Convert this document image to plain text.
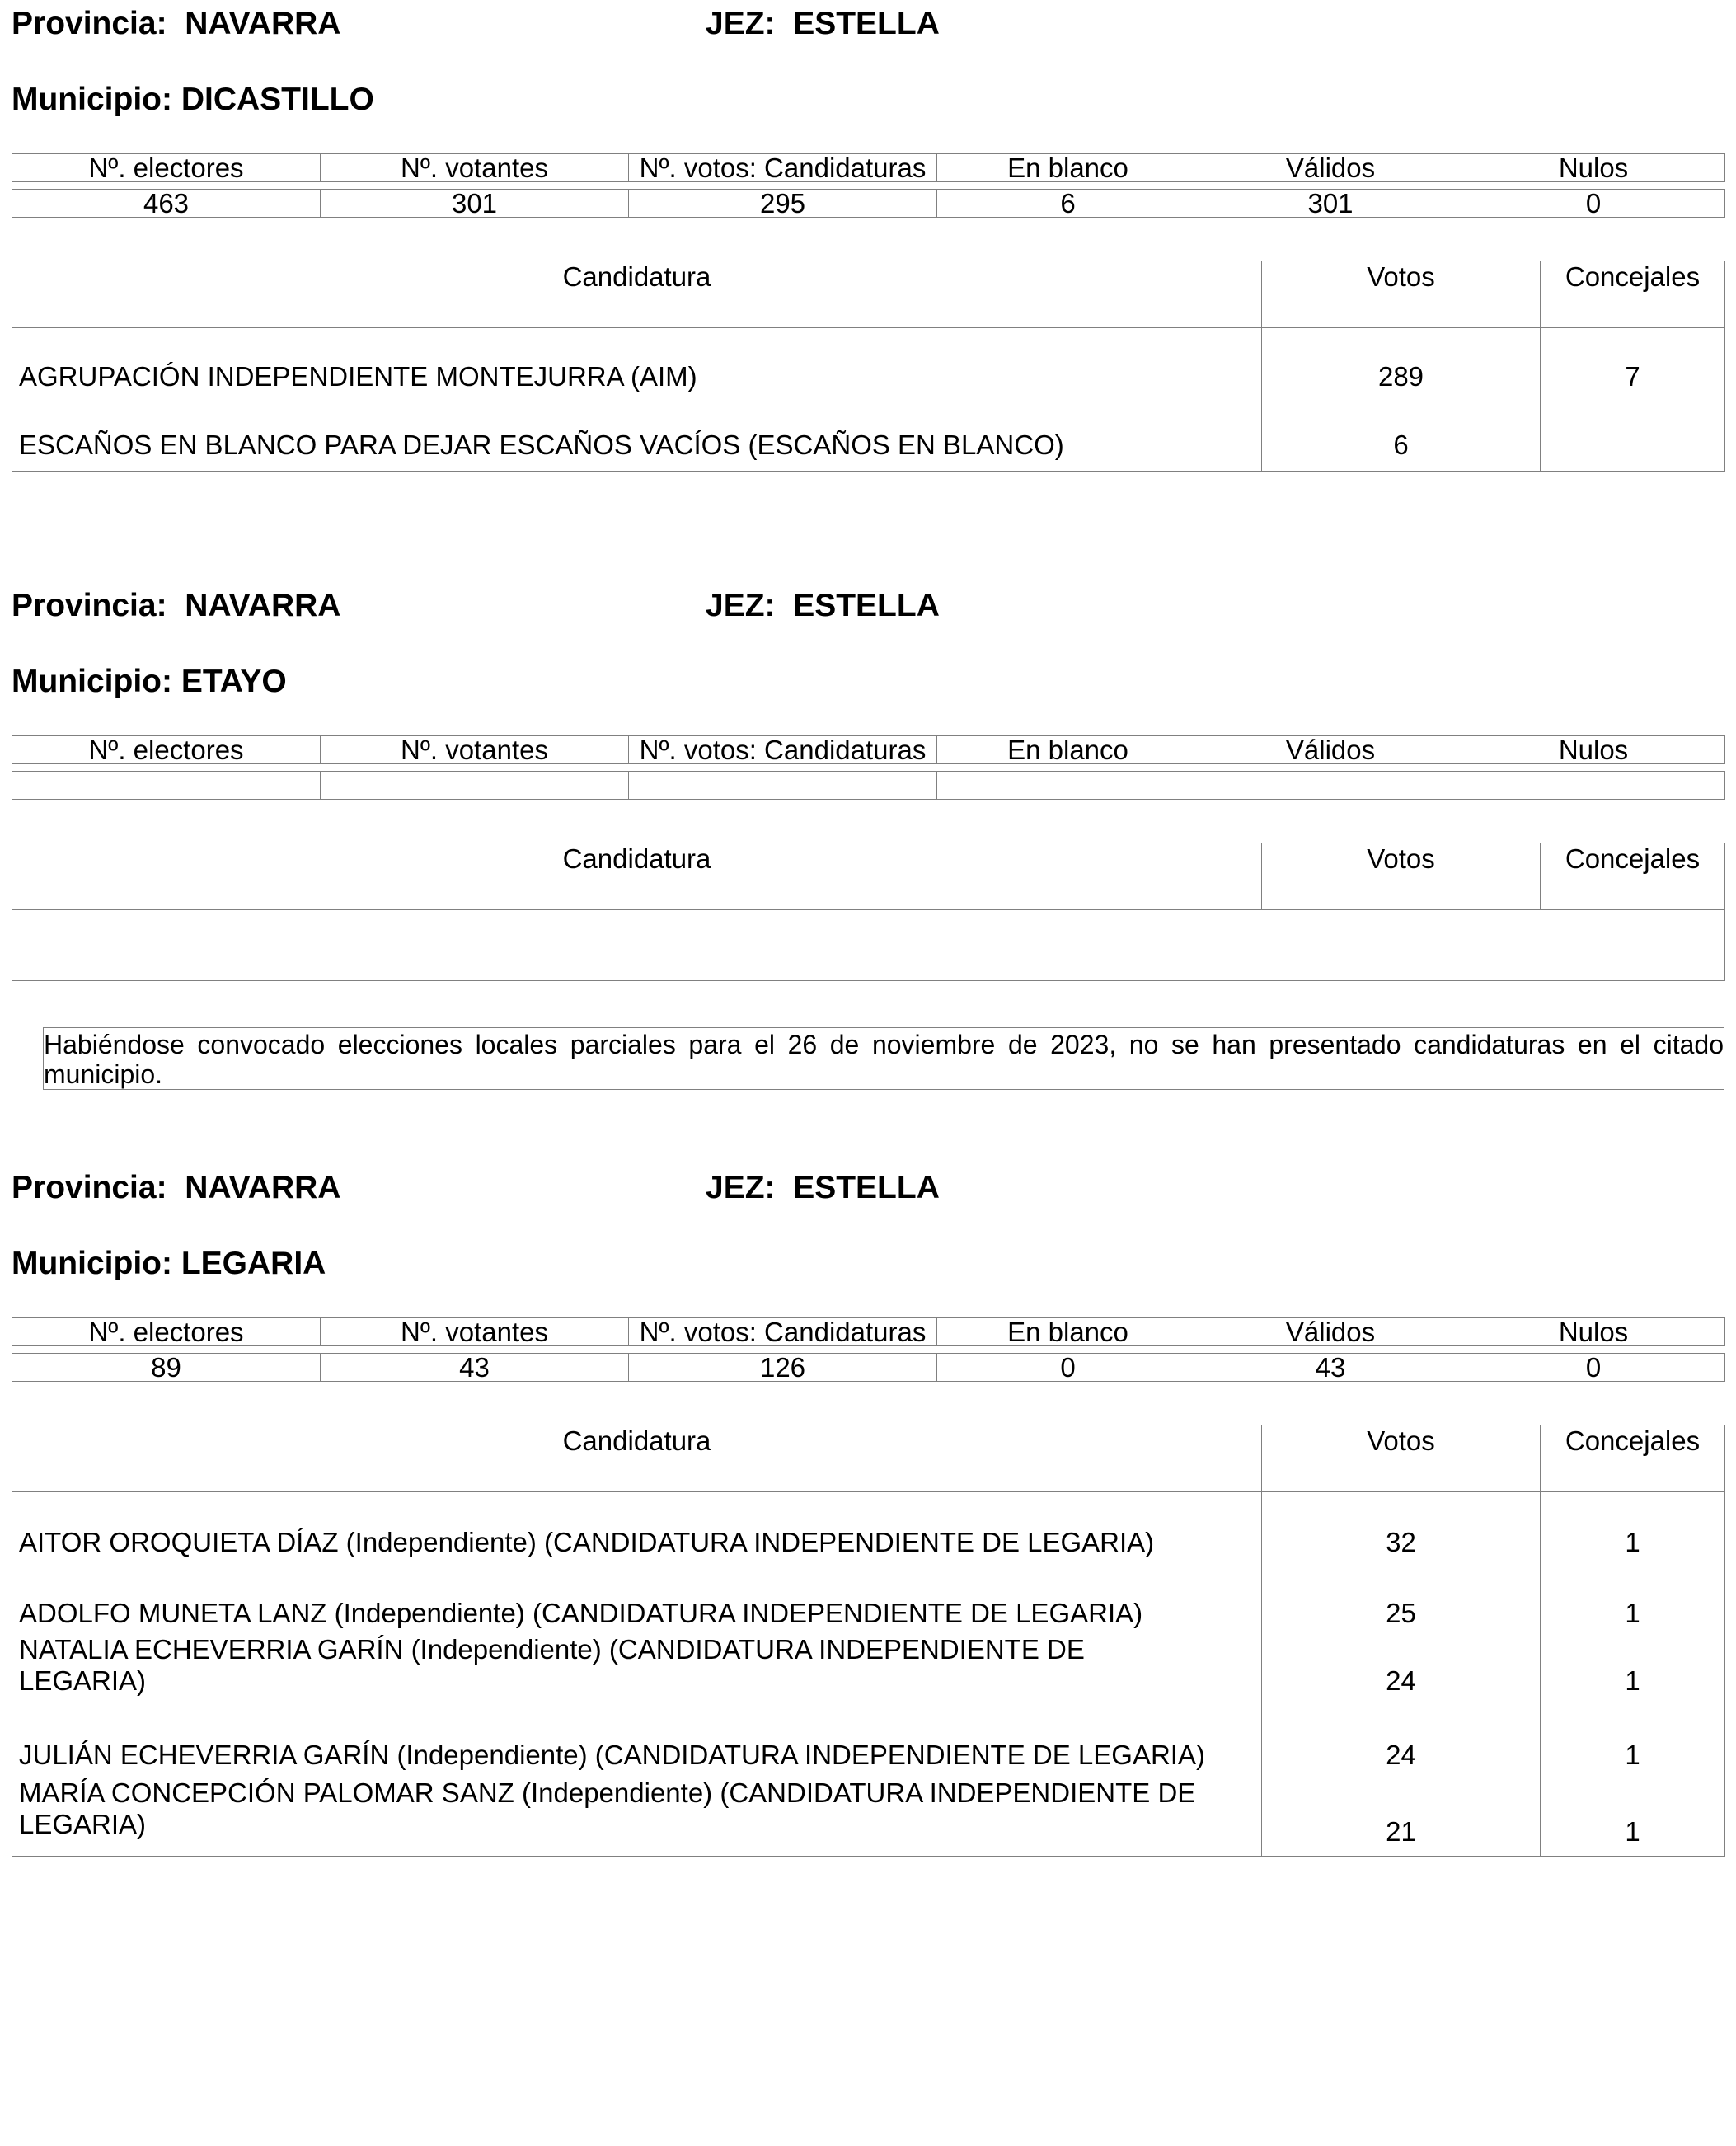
Provincia: NAVARRA	JEZ: ESTELLA
Municipio: DICASTILLO
Nº. electores	Nº. votantes	Nº. votos: Candidaturas	En blanco	Válidos	Nulos

463	301	295	6	301	0
Candidatura	Votos	Concejales
AGRUPACIÓN INDEPENDIENTE MONTEJURRA (AIM)	289	7
ESCAÑOS EN BLANCO PARA DEJAR ESCAÑOS VACÍOS (ESCAÑOS EN BLANCO)	6	
Provincia: NAVARRA	JEZ: ESTELLA
Municipio: ETAYO
Nº. electores	Nº. votantes	Nº. votos: Candidaturas	En blanco	Válidos	Nulos

Candidatura	Votos	Concejales

Habiéndose convocado elecciones locales parciales para el 26 de noviembre de 2023, no se han presentado candidaturas en el citado municipio.
Provincia: NAVARRA	JEZ: ESTELLA
Municipio: LEGARIA
Nº. electores	Nº. votantes	Nº. votos: Candidaturas	En blanco	Válidos	Nulos

89	43	126	0	43	0
Candidatura	Votos	Concejales
AITOR OROQUIETA DÍAZ (Independiente) (CANDIDATURA INDEPENDIENTE DE LEGARIA)	32	1
ADOLFO MUNETA LANZ (Independiente) (CANDIDATURA INDEPENDIENTE DE LEGARIA)	25	1
NATALIA ECHEVERRIA GARÍN (Independiente) (CANDIDATURA INDEPENDIENTE DE LEGARIA)	24	1
JULIÁN ECHEVERRIA GARÍN (Independiente) (CANDIDATURA INDEPENDIENTE DE LEGARIA)	24	1
MARÍA CONCEPCIÓN PALOMAR SANZ (Independiente) (CANDIDATURA INDEPENDIENTE DE LEGARIA)	21	1
